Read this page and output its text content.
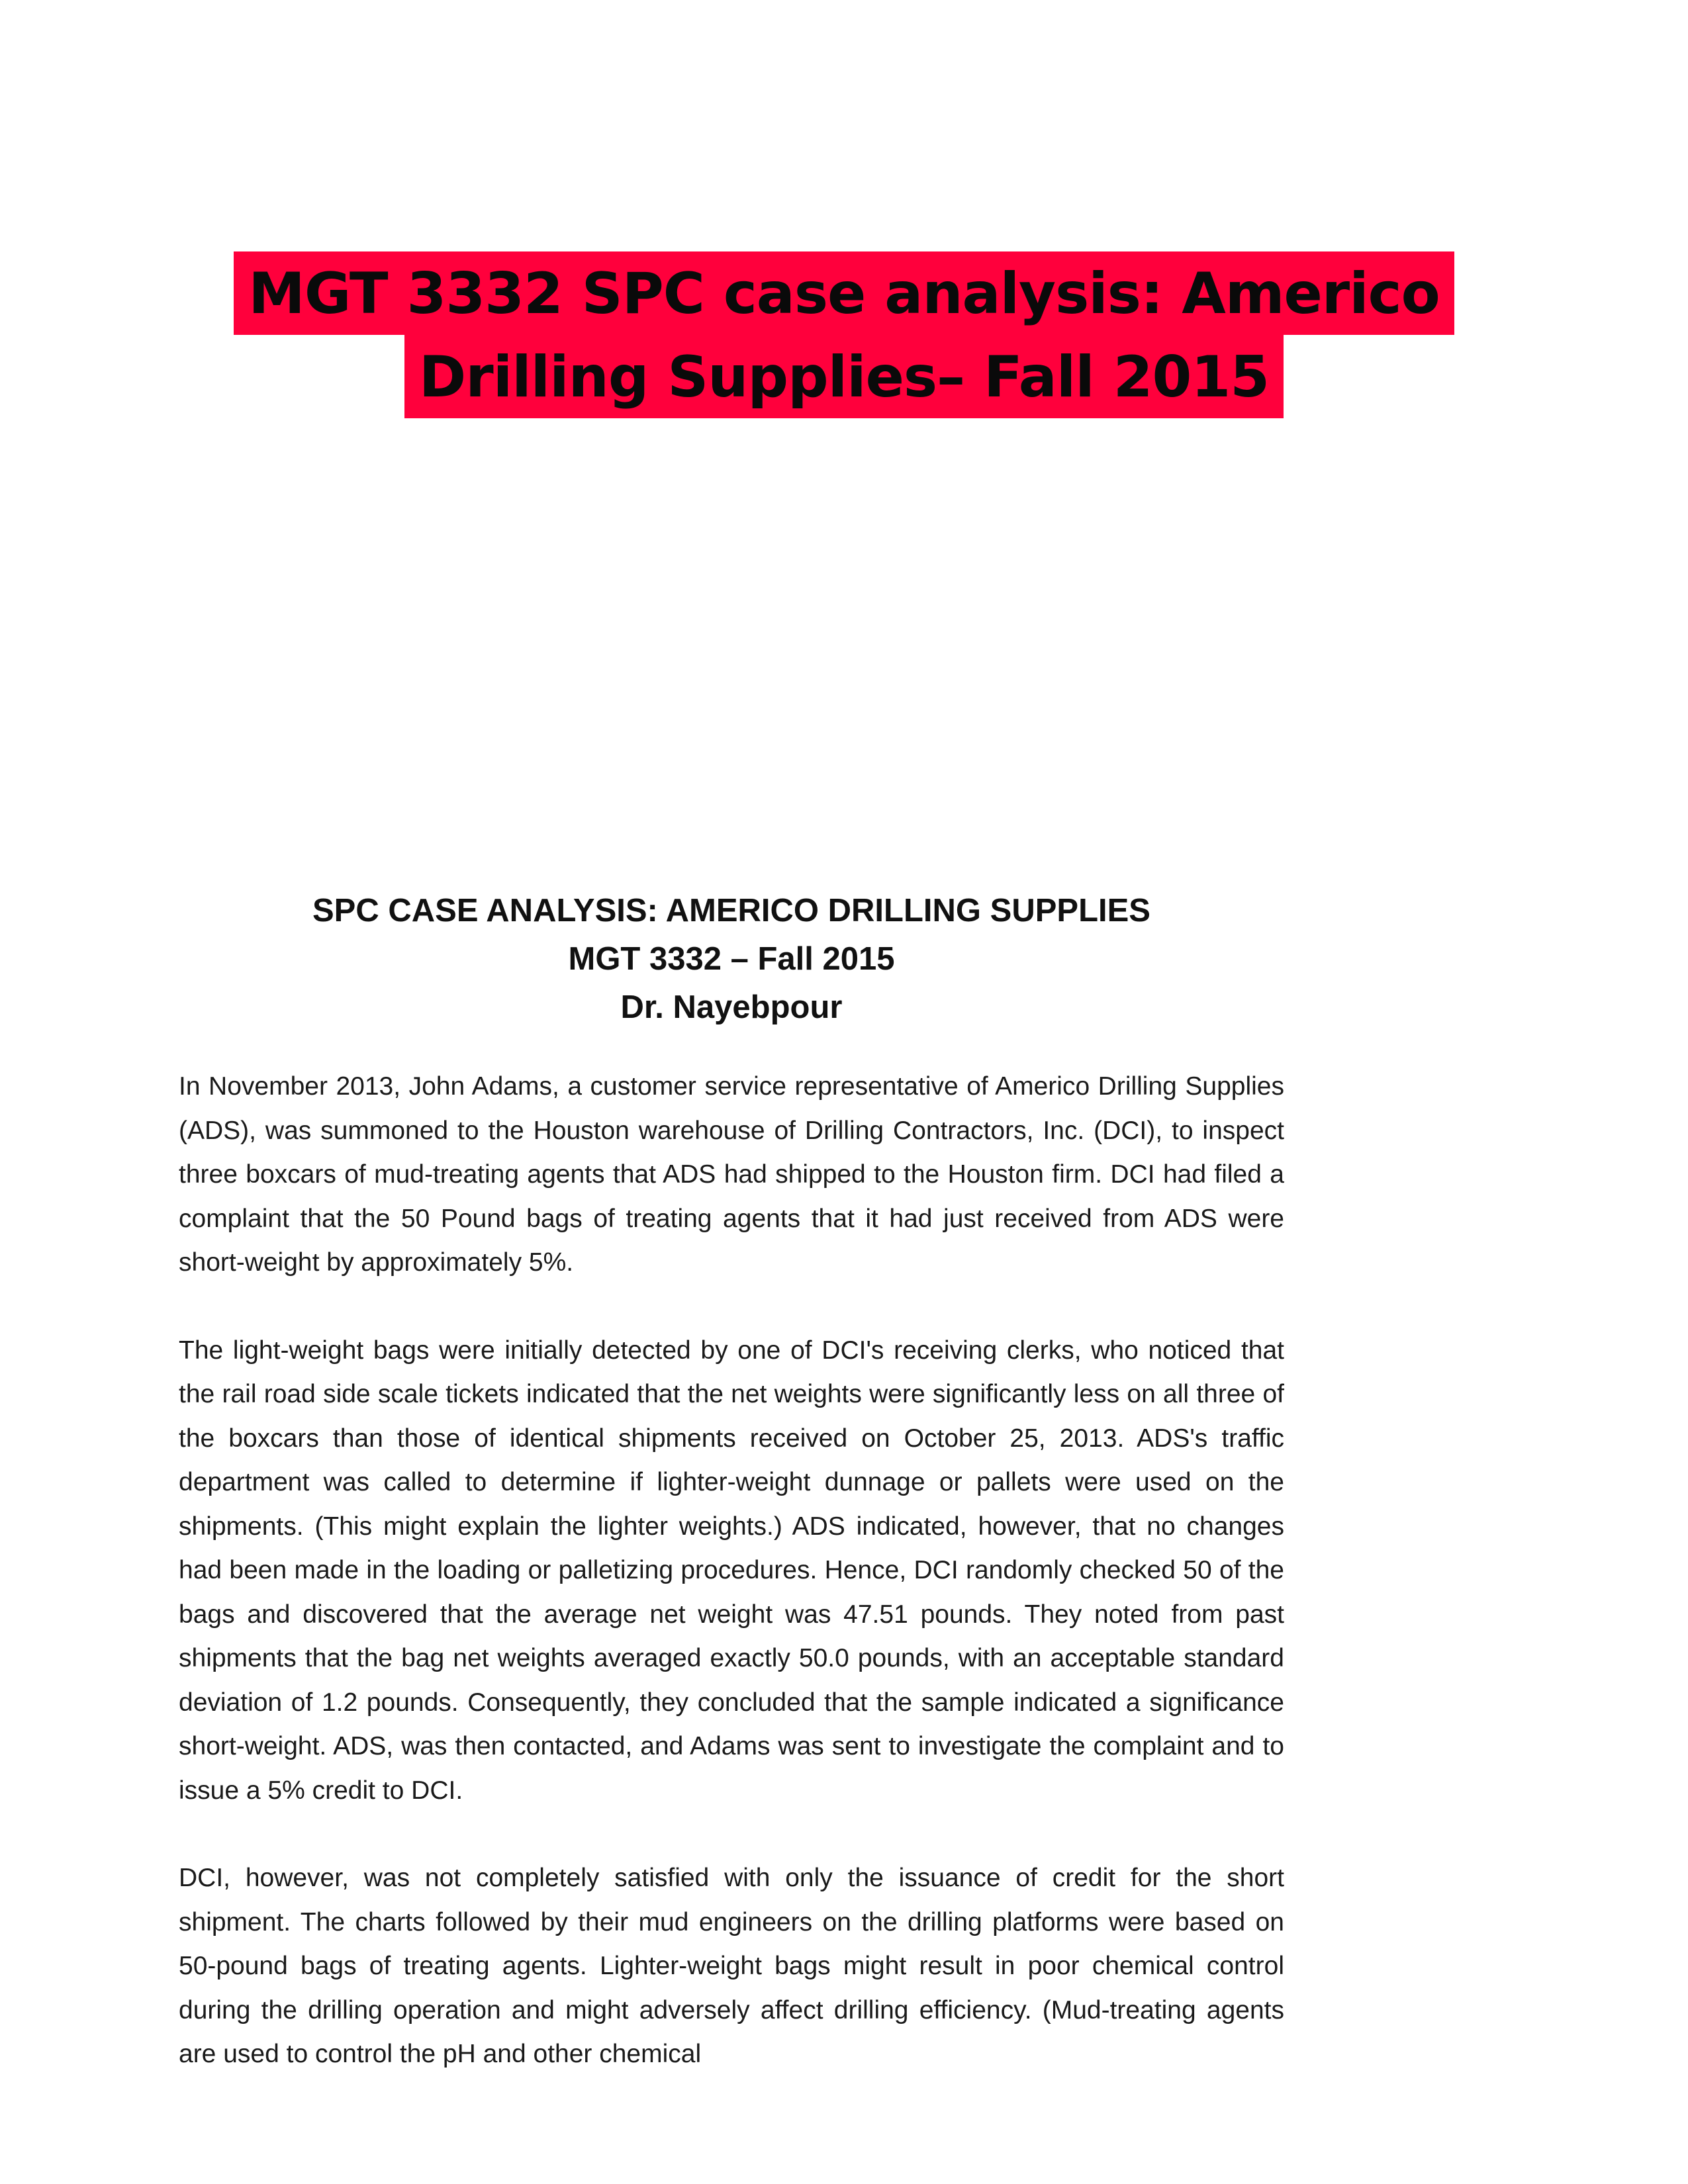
MGT 3332 SPC case analysis: Americo
Drilling Supplies– Fall 2015
SPC CASE ANALYSIS: AMERICO DRILLING SUPPLIES
MGT 3332 – Fall 2015
Dr. Nayebpour

In November 2013, John Adams, a customer service representative of Americo Drilling Supplies (ADS), was summoned to the Houston warehouse of Drilling Contractors, Inc. (DCI), to inspect three boxcars of mud-treating agents that ADS had shipped to the Houston firm. DCI had filed a complaint that the 50 Pound bags of treating agents that it had just received from ADS were short-weight by approximately 5%.

The light-weight bags were initially detected by one of DCI's receiving clerks, who noticed that the rail road side scale tickets indicated that the net weights were significantly less on all three of the boxcars than those of identical shipments received on October 25, 2013. ADS's traffic department was called to determine if lighter-weight dunnage or pallets were used on the shipments. (This might explain the lighter weights.) ADS indicated, however, that no changes had been made in the loading or palletizing procedures. Hence, DCI randomly checked 50 of the bags and discovered that the average net weight was 47.51 pounds. They noted from past shipments that the bag net weights averaged exactly 50.0 pounds, with an acceptable standard deviation of 1.2 pounds. Consequently, they concluded that the sample indicated a significance short-weight. ADS, was then contacted, and Adams was sent to investigate the complaint and to issue a 5% credit to DCI.

DCI, however, was not completely satisfied with only the issuance of credit for the short shipment. The charts followed by their mud engineers on the drilling platforms were based on 50-pound bags of treating agents. Lighter-weight bags might result in poor chemical control during the drilling operation and might adversely affect drilling efficiency. (Mud-treating agents are used to control the pH and other chemical
